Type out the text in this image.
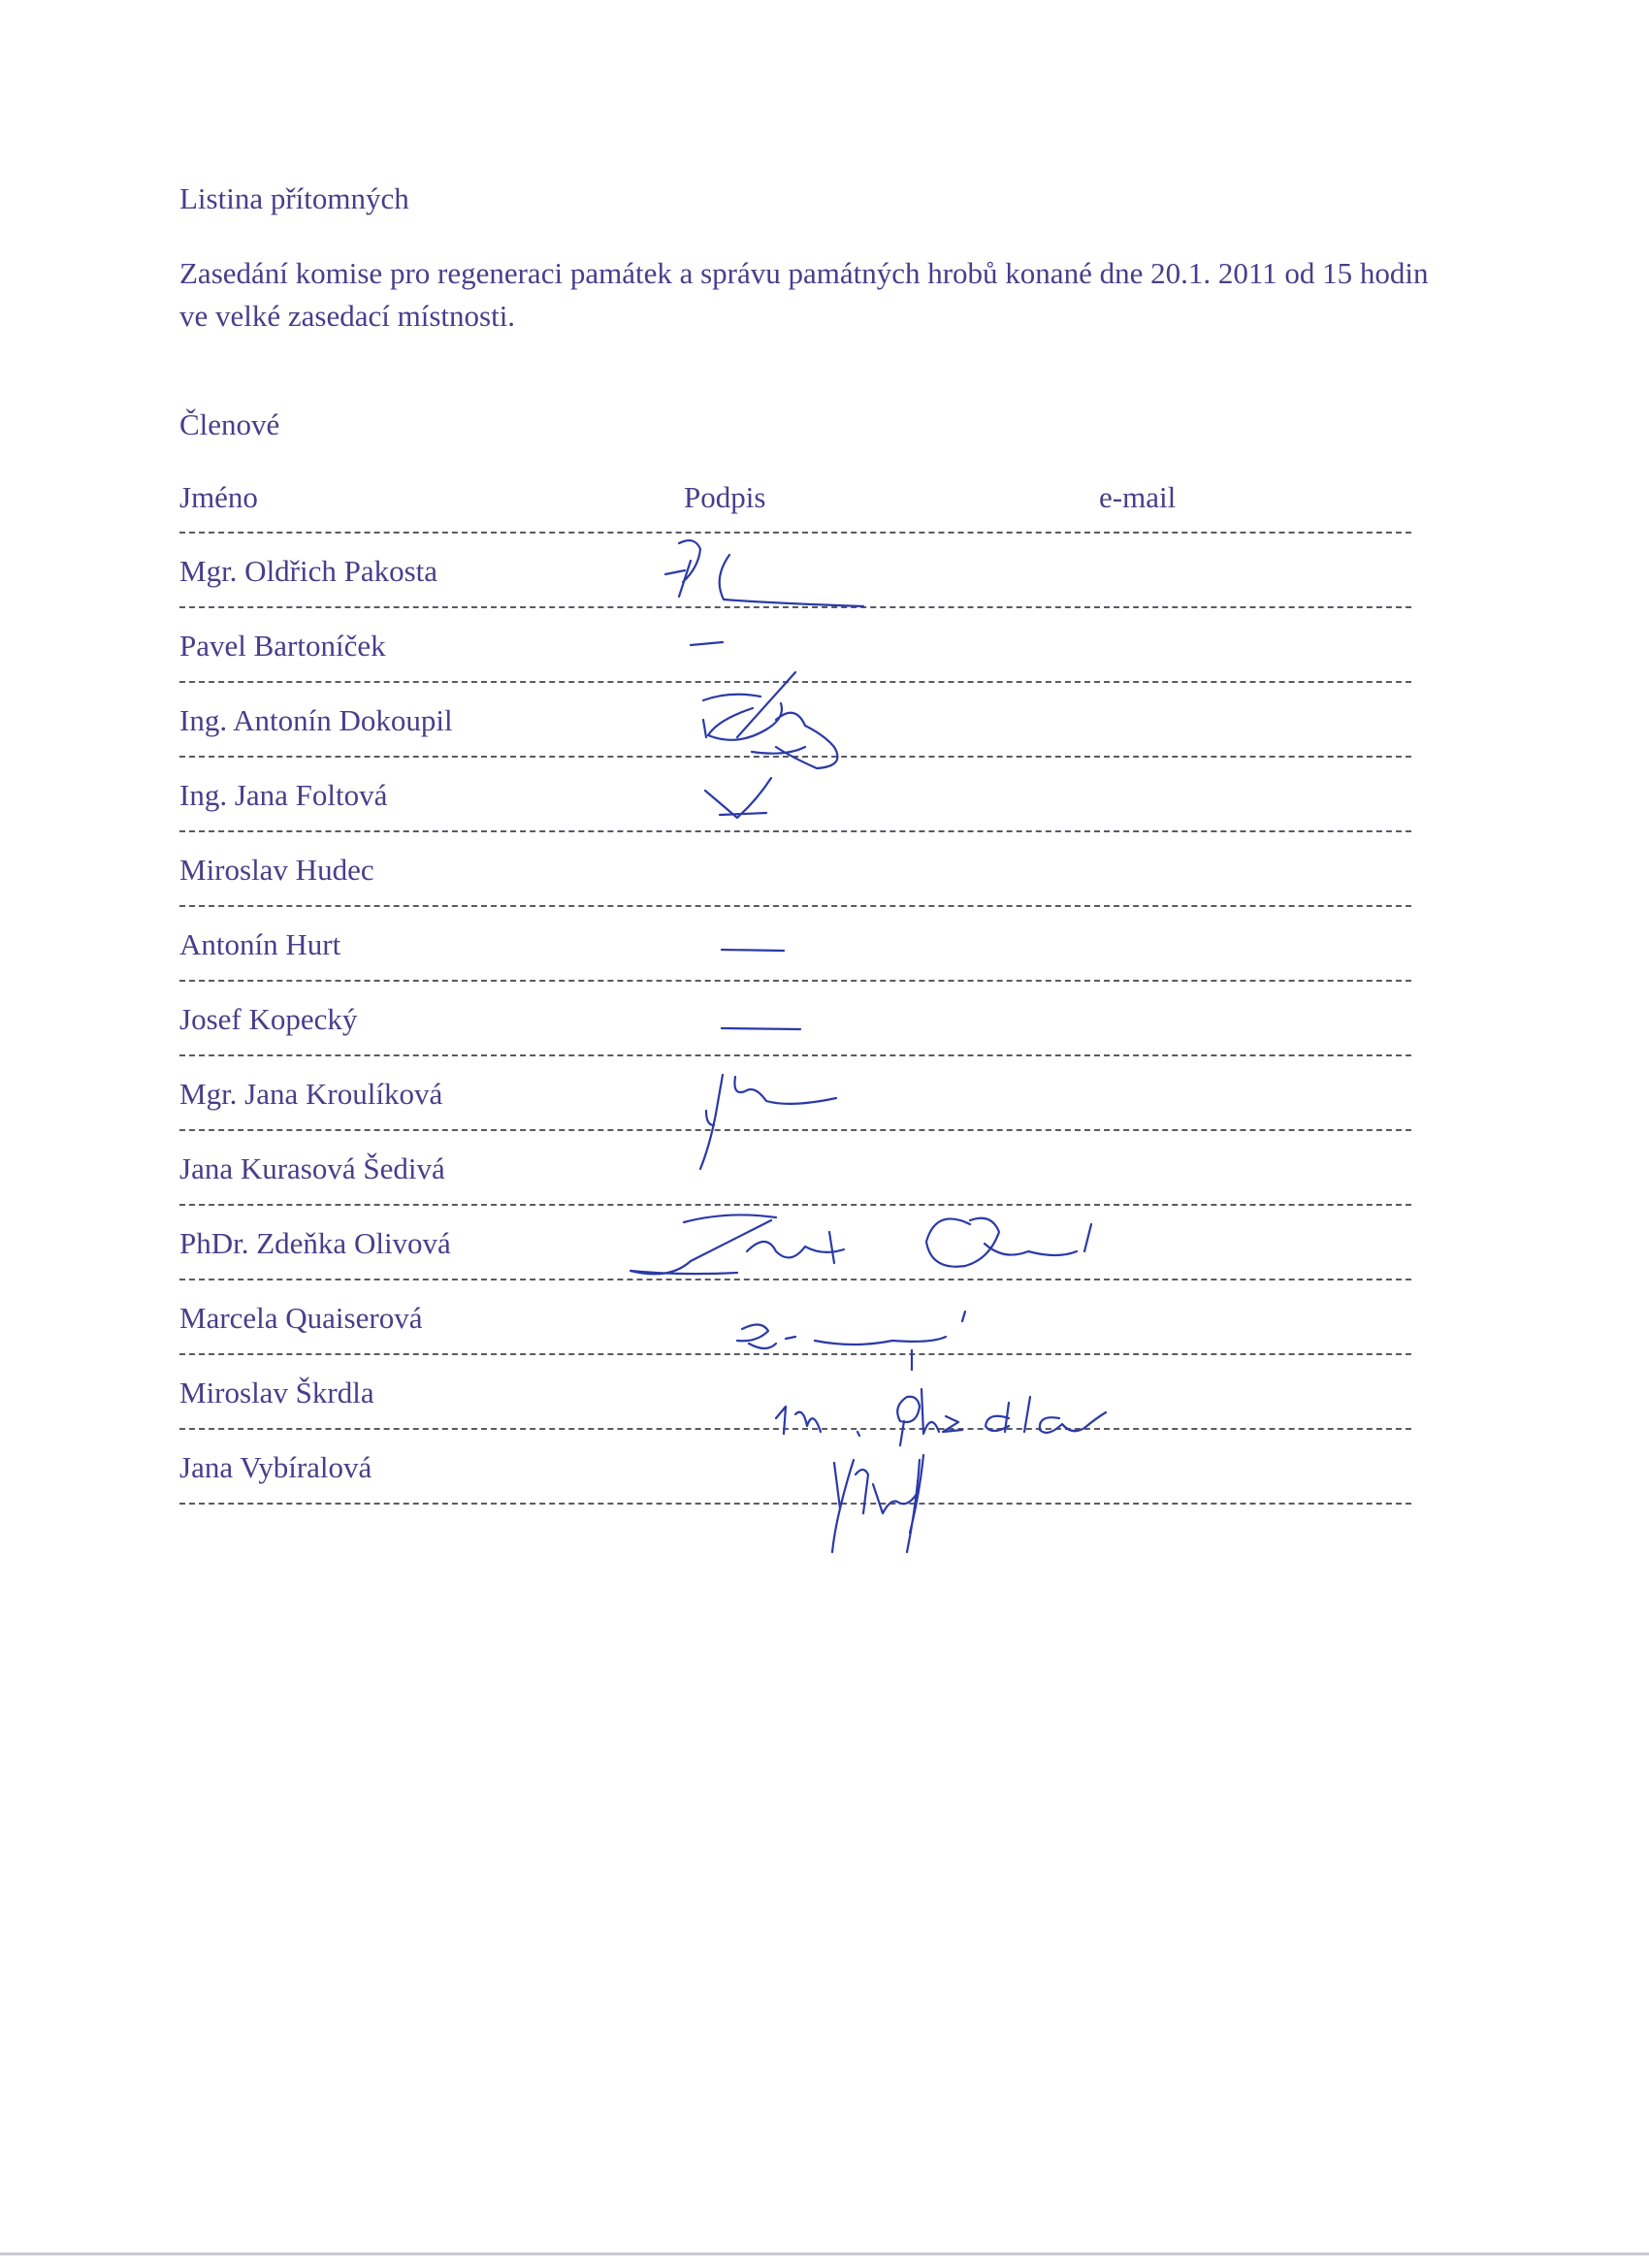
Listina přítomných
Zasedání komise pro regeneraci památek a správu památných hrobů konané dne 20.1. 2011 od 15 hodin ve velké zasedací místnosti.
Členové
Jméno	Podpis	e-mail
Mgr. Oldřich Pakosta
Pavel Bartoníček
Ing. Antonín Dokoupil
Ing. Jana Foltová
Miroslav Hudec
Antonín Hurt
Josef Kopecký
Mgr. Jana Kroulíková
Jana Kurasová Šedivá
PhDr. Zdeňka Olivová
Marcela Quaiserová
Miroslav Škrdla
Jana Vybíralová
